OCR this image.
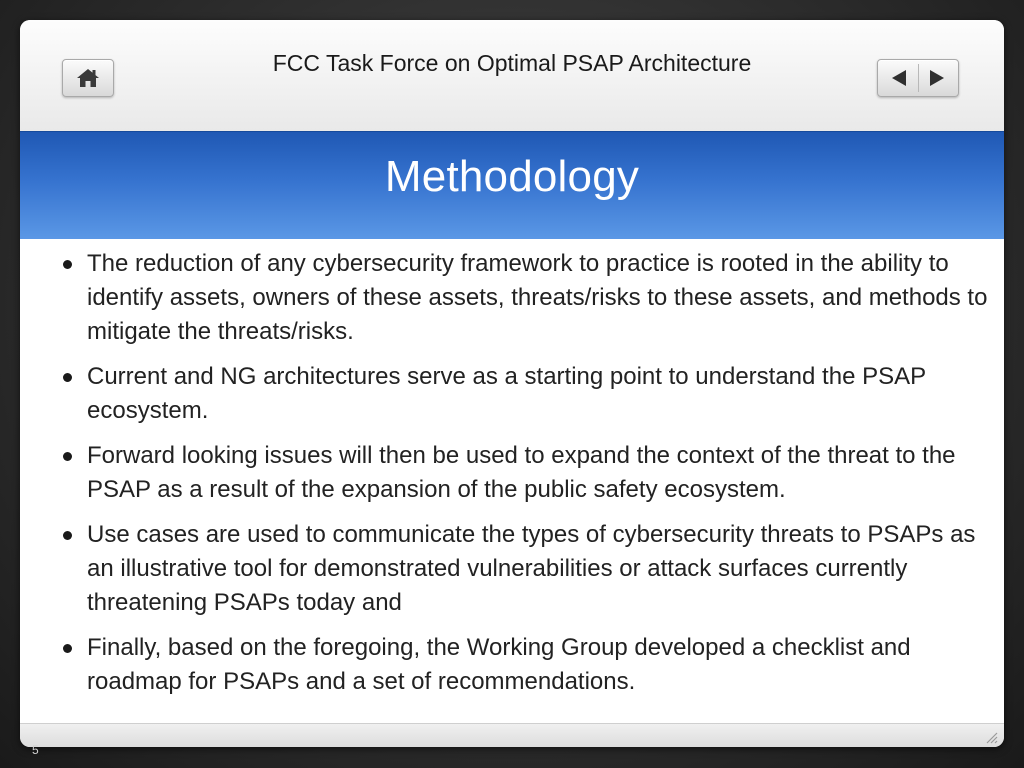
FCC Task Force on Optimal PSAP Architecture
Methodology
The reduction of any cybersecurity framework to practice is rooted in the ability to identify assets, owners of these assets, threats/risks to these assets, and methods to mitigate the threats/risks.
Current and NG architectures serve as a starting point to understand the PSAP ecosystem.
Forward looking issues will then be used to expand the context of the threat to the PSAP as a result of the expansion of the public safety ecosystem.
Use cases are used to communicate the types of cybersecurity threats to PSAPs as an illustrative tool for demonstrated vulnerabilities or attack surfaces currently threatening PSAPs today and
Finally, based on the foregoing, the Working Group developed a checklist and roadmap for PSAPs and a set of recommendations.
5
